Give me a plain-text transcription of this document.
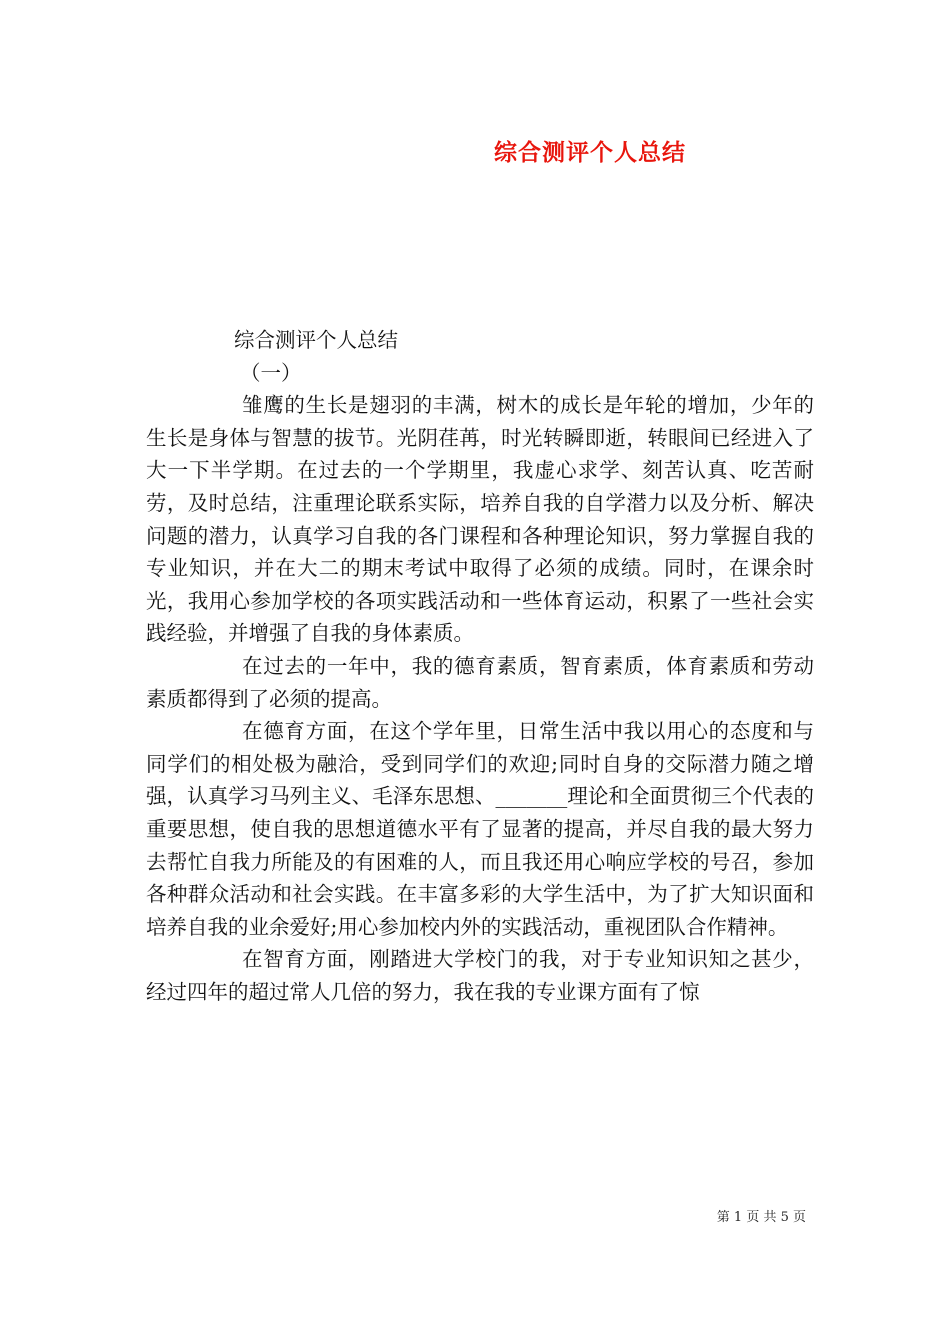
综合测评个人总结

综合测评个人总结

（一）

雏鹰的生长是翅羽的丰满，树木的成长是年轮的增加，少年的生长是身体与智慧的拔节。光阴荏苒，时光转瞬即逝，转眼间已经进入了大一下半学期。在过去的一个学期里，我虚心求学、刻苦认真、吃苦耐劳，及时总结，注重理论联系实际，培养自我的自学潜力以及分析、解决问题的潜力，认真学习自我的各门课程和各种理论知识，努力掌握自我的专业知识，并在大二的期末考试中取得了必须的成绩。同时，在课余时光，我用心参加学校的各项实践活动和一些体育运动，积累了一些社会实践经验，并增强了自我的身体素质。

在过去的一年中，我的德育素质，智育素质，体育素质和劳动素质都得到了必须的提高。

在德育方面，在这个学年里，日常生活中我以用心的态度和与同学们的相处极为融洽，受到同学们的欢迎;同时自身的交际潜力随之增强，认真学习马列主义、毛泽东思想、_______理论和全面贯彻三个代表的重要思想，使自我的思想道德水平有了显著的提高，并尽自我的最大努力去帮忙自我力所能及的有困难的人，而且我还用心响应学校的号召，参加各种群众活动和社会实践。在丰富多彩的大学生活中，为了扩大知识面和培养自我的业余爱好;用心参加校内外的实践活动，重视团队合作精神。

在智育方面，刚踏进大学校门的我，对于专业知识知之甚少，经过四年的超过常人几倍的努力，我在我的专业课方面有了惊

第 1 页 共 5 页
